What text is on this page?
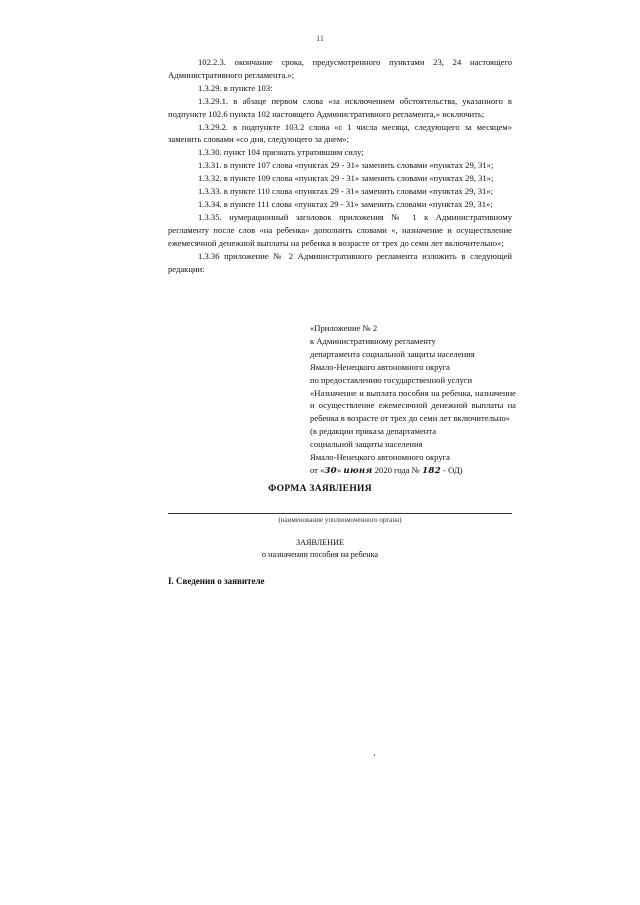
11

102.2.3. окончание срока, предусмотренного пунктами 23, 24 настоящего Административного регламента.»;

1.3.29. в пункте 103:

1.3.29.1. в абзаце первом слова «за исключением обстоятельства, указанного в подпункте 102.6 пункта 102 настоящего Административного регламента,» исключить;

1.3.29.2. в подпункте 103.2 слова «с 1 числа месяца, следующего за месяцем» заменить словами «со дня, следующего за днем»;

1.3.30. пункт 104 признать утратившим силу;

1.3.31. в пункте 107 слова «пунктах 29 - 31» заменить словами «пунктах 29, 31»;

1.3.32. в пункте 109 слова «пунктах 29 - 31» заменить словами «пунктах 29, 31»;

1.3.33. в пункте 110 слова «пунктах 29 - 31» заменить словами «пунктах 29, 31»;

1.3.34. в пункте 111 слова «пунктах 29 - 31» заменить словами «пунктах 29, 31»;

1.3.35. нумерационный заголовок приложения № 1 к Административному регламенту после слов «на ребенка» дополнить словами «, назначение и осуществление ежемесячной денежной выплаты на ребенка в возрасте от трех до семи лет включительно»;

1.3.36 приложение № 2 Административного регламента изложить в следующей редакции:

«Приложение № 2

к Административному регламенту

департамента социальной защиты населения

Ямало-Ненецкого автономного округа

по предоставлению государственной услуги

«Назначение и выплата пособия на ребенка, назначение и осуществление ежемесячной денежной выплаты на ребенка в возрасте от трех до семи лет включительно»

(в редакции приказа департамента

социальной защиты населения

Ямало-Ненецкого автономного округа

от «30» июня 2020 года № 182 - ОД)

ФОРМА ЗАЯВЛЕНИЯ
(наименование уполномоченного органа)
ЗАЯВЛЕНИЕ
о назначении пособия на ребенка
I. Сведения о заявителе
